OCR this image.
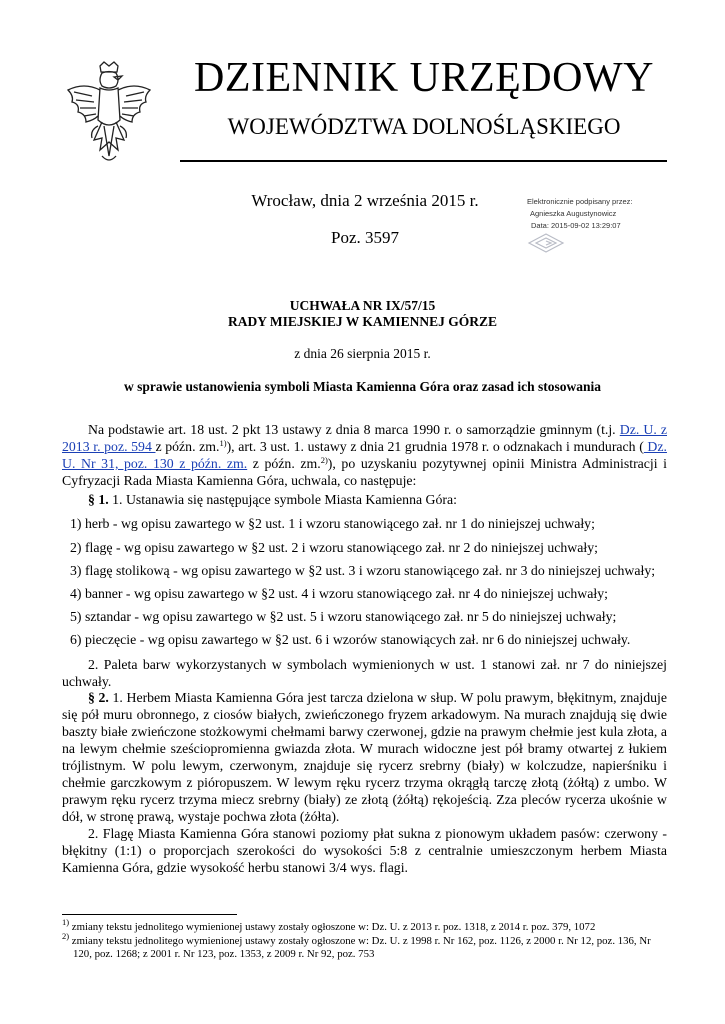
DZIENNIK URZĘDOWY
WOJEWÓDZTWA DOLNOŚLĄSKIEGO
Wrocław, dnia 2 września 2015 r.
Poz. 3597
Elektronicznie podpisany przez:
Agnieszka Augustynowicz
Data: 2015-09-02 13:29:07
UCHWAŁA NR IX/57/15
RADY MIEJSKIEJ W KAMIENNEJ GÓRZE
z dnia 26 sierpnia 2015 r.
w sprawie ustanowienia symboli Miasta Kamienna Góra oraz zasad ich stosowania
Na podstawie art. 18 ust. 2 pkt 13 ustawy z dnia 8 marca 1990 r. o samorządzie gminnym (t.j. Dz. U. z 2013 r. poz. 594 z późn. zm.$^{1)}$), art. 3 ust. 1. ustawy z dnia 21 grudnia 1978 r. o odznakach i mundurach ( Dz. U. Nr 31, poz. 130 z późn. zm. z późn. zm.$^{2)}$), po uzyskaniu pozytywnej opinii Ministra Administracji i Cyfryzacji Rada Miasta Kamienna Góra, uchwala, co następuje:
§ 1. 1. Ustanawia się następujące symbole Miasta Kamienna Góra:
1) herb - wg opisu zawartego w §2 ust. 1 i wzoru stanowiącego zał. nr 1 do niniejszej uchwały;
2) flagę - wg opisu zawartego w §2 ust. 2 i wzoru stanowiącego zał. nr 2 do niniejszej uchwały;
3) flagę stolikową - wg opisu zawartego w §2 ust. 3 i wzoru stanowiącego zał. nr 3 do niniejszej uchwały;
4) banner - wg opisu zawartego w §2 ust. 4 i wzoru stanowiącego zał. nr 4 do niniejszej uchwały;
5) sztandar - wg opisu zawartego w §2 ust. 5 i wzoru stanowiącego zał. nr 5 do niniejszej uchwały;
6) pieczęcie - wg opisu zawartego w §2 ust. 6 i wzorów stanowiących zał. nr 6 do niniejszej uchwały.
2. Paleta barw wykorzystanych w symbolach wymienionych w ust. 1 stanowi zał. nr 7 do niniejszej uchwały.
§ 2. 1. Herbem Miasta Kamienna Góra jest tarcza dzielona w słup. W polu prawym, błękitnym, znajduje się pół muru obronnego, z ciosów białych, zwieńczonego fryzem arkadowym. Na murach znajdują się dwie baszty białe zwieńczone stożkowymi chełmami barwy czerwonej, gdzie na prawym chełmie jest kula złota, a na lewym chełmie sześciopromienna gwiazda złota. W murach widoczne jest pół bramy otwartej z łukiem trójlistnym. W polu lewym, czerwonym, znajduje się rycerz srebrny (biały) w kolczudze, napierśniku i chełmie garczkowym z pióropuszem. W lewym ręku rycerz trzyma okrągłą tarczę złotą (żółtą) z umbo. W prawym ręku rycerz trzyma miecz srebrny (biały) ze złotą (żółtą) rękojeścią. Zza pleców rycerza ukośnie w dół, w stronę prawą, wystaje pochwa złota (żółta).
2. Flagę Miasta Kamienna Góra stanowi poziomy płat sukna z pionowym układem pasów: czerwony - błękitny (1:1) o proporcjach szerokości do wysokości 5:8 z centralnie umieszczonym herbem Miasta Kamienna Góra, gdzie wysokość herbu stanowi 3/4 wys. flagi.
$^{1)}$ zmiany tekstu jednolitego wymienionej ustawy zostały ogłoszone w: Dz. U. z 2013 r. poz. 1318, z 2014 r. poz. 379, 1072
$^{2)}$ zmiany tekstu jednolitego wymienionej ustawy zostały ogłoszone w: Dz. U. z 1998 r. Nr 162, poz. 1126, z 2000 r. Nr 12, poz. 136, Nr
120, poz. 1268; z 2001 r. Nr 123, poz. 1353, z 2009 r. Nr 92, poz. 753
